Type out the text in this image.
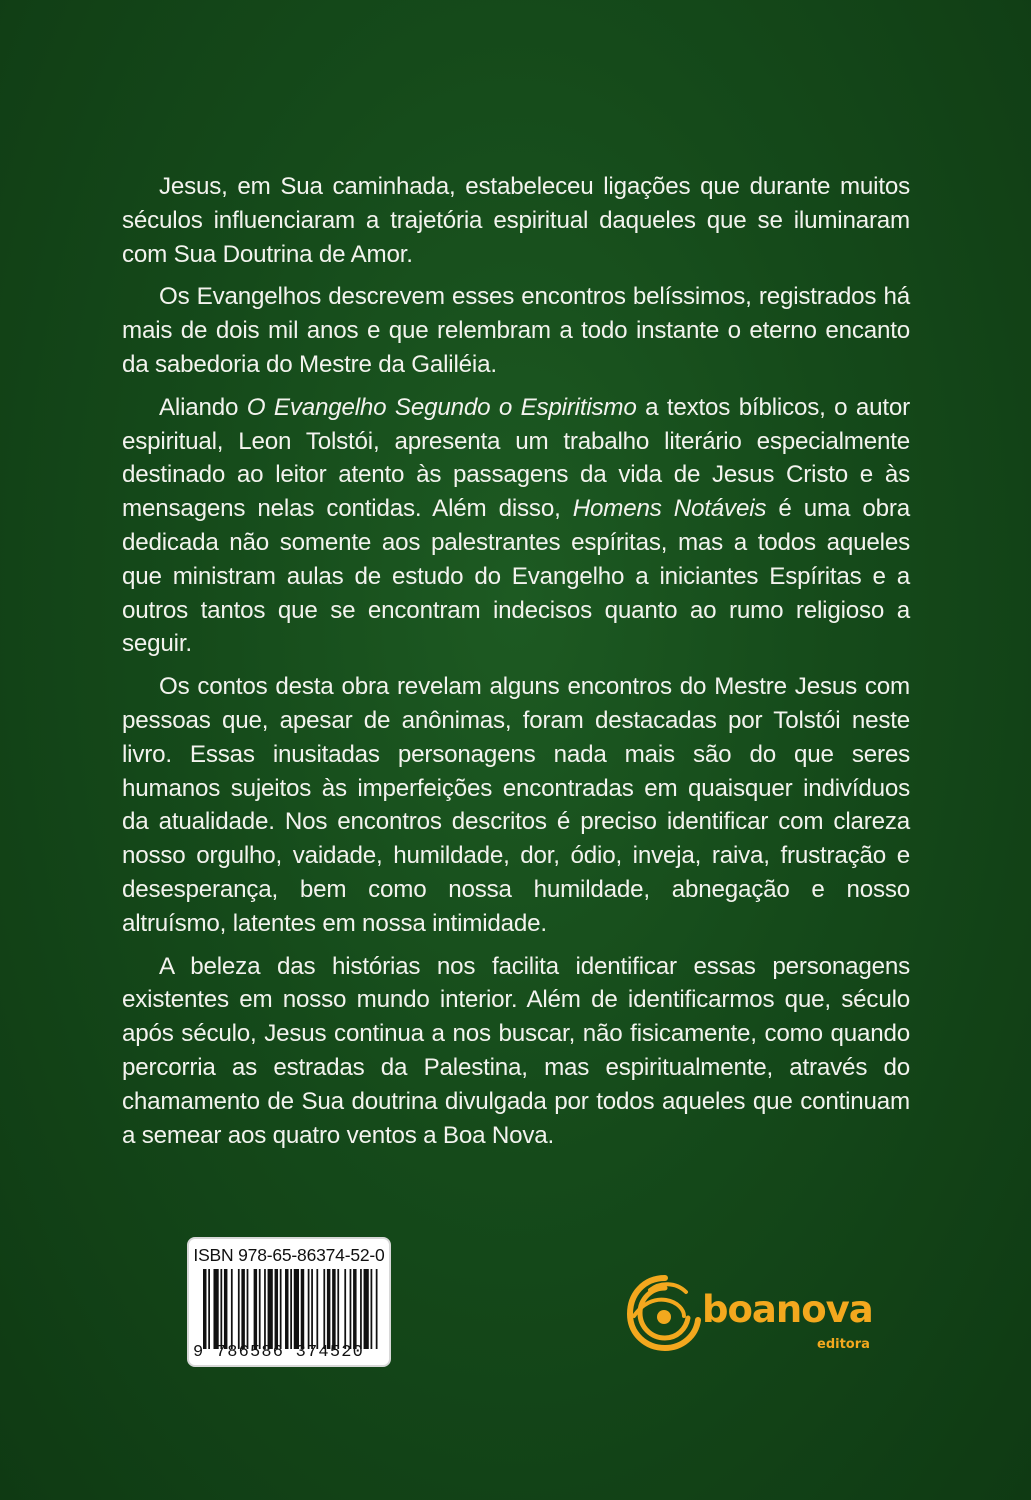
Jesus, em Sua caminhada, estabeleceu ligações que durante muitos séculos influenciaram a trajetória espiritual daqueles que se iluminaram com Sua Doutrina de Amor.

Os Evangelhos descrevem esses encontros belíssimos, registrados há mais de dois mil anos e que relembram a todo instante o eterno encanto da sabedoria do Mestre da Galiléia.

Aliando O Evangelho Segundo o Espiritismo a textos bíblicos, o autor espiritual, Leon Tolstói, apresenta um trabalho literário especialmente destinado ao leitor atento às passagens da vida de Jesus Cristo e às mensagens nelas contidas. Além disso, Homens Notáveis é uma obra dedicada não somente aos palestrantes espíritas, mas a todos aqueles que ministram aulas de estudo do Evangelho a iniciantes Espíritas e a outros tantos que se encontram indecisos quanto ao rumo religioso a seguir.

Os contos desta obra revelam alguns encontros do Mestre Jesus com pessoas que, apesar de anônimas, foram destacadas por Tolstói neste livro. Essas inusitadas personagens nada mais são do que seres humanos sujeitos às imperfeições encontradas em quaisquer indivíduos da atualidade. Nos encontros descritos é preciso identificar com clareza nosso orgulho, vaidade, humildade, dor, ódio, inveja, raiva, frustração e desesperança, bem como nossa humildade, abnegação e nosso altruísmo, latentes em nossa intimidade.

A beleza das histórias nos facilita identificar essas personagens existentes em nosso mundo interior. Além de identificarmos que, século após século, Jesus continua a nos buscar, não fisicamente, como quando percorria as estradas da Palestina, mas espiritualmente, através do chamamento de Sua doutrina divulgada por todos aqueles que continuam a semear aos quatro ventos a Boa Nova.

ISBN 978-65-86374-52-0
9 786586 374520
boanova
editora
